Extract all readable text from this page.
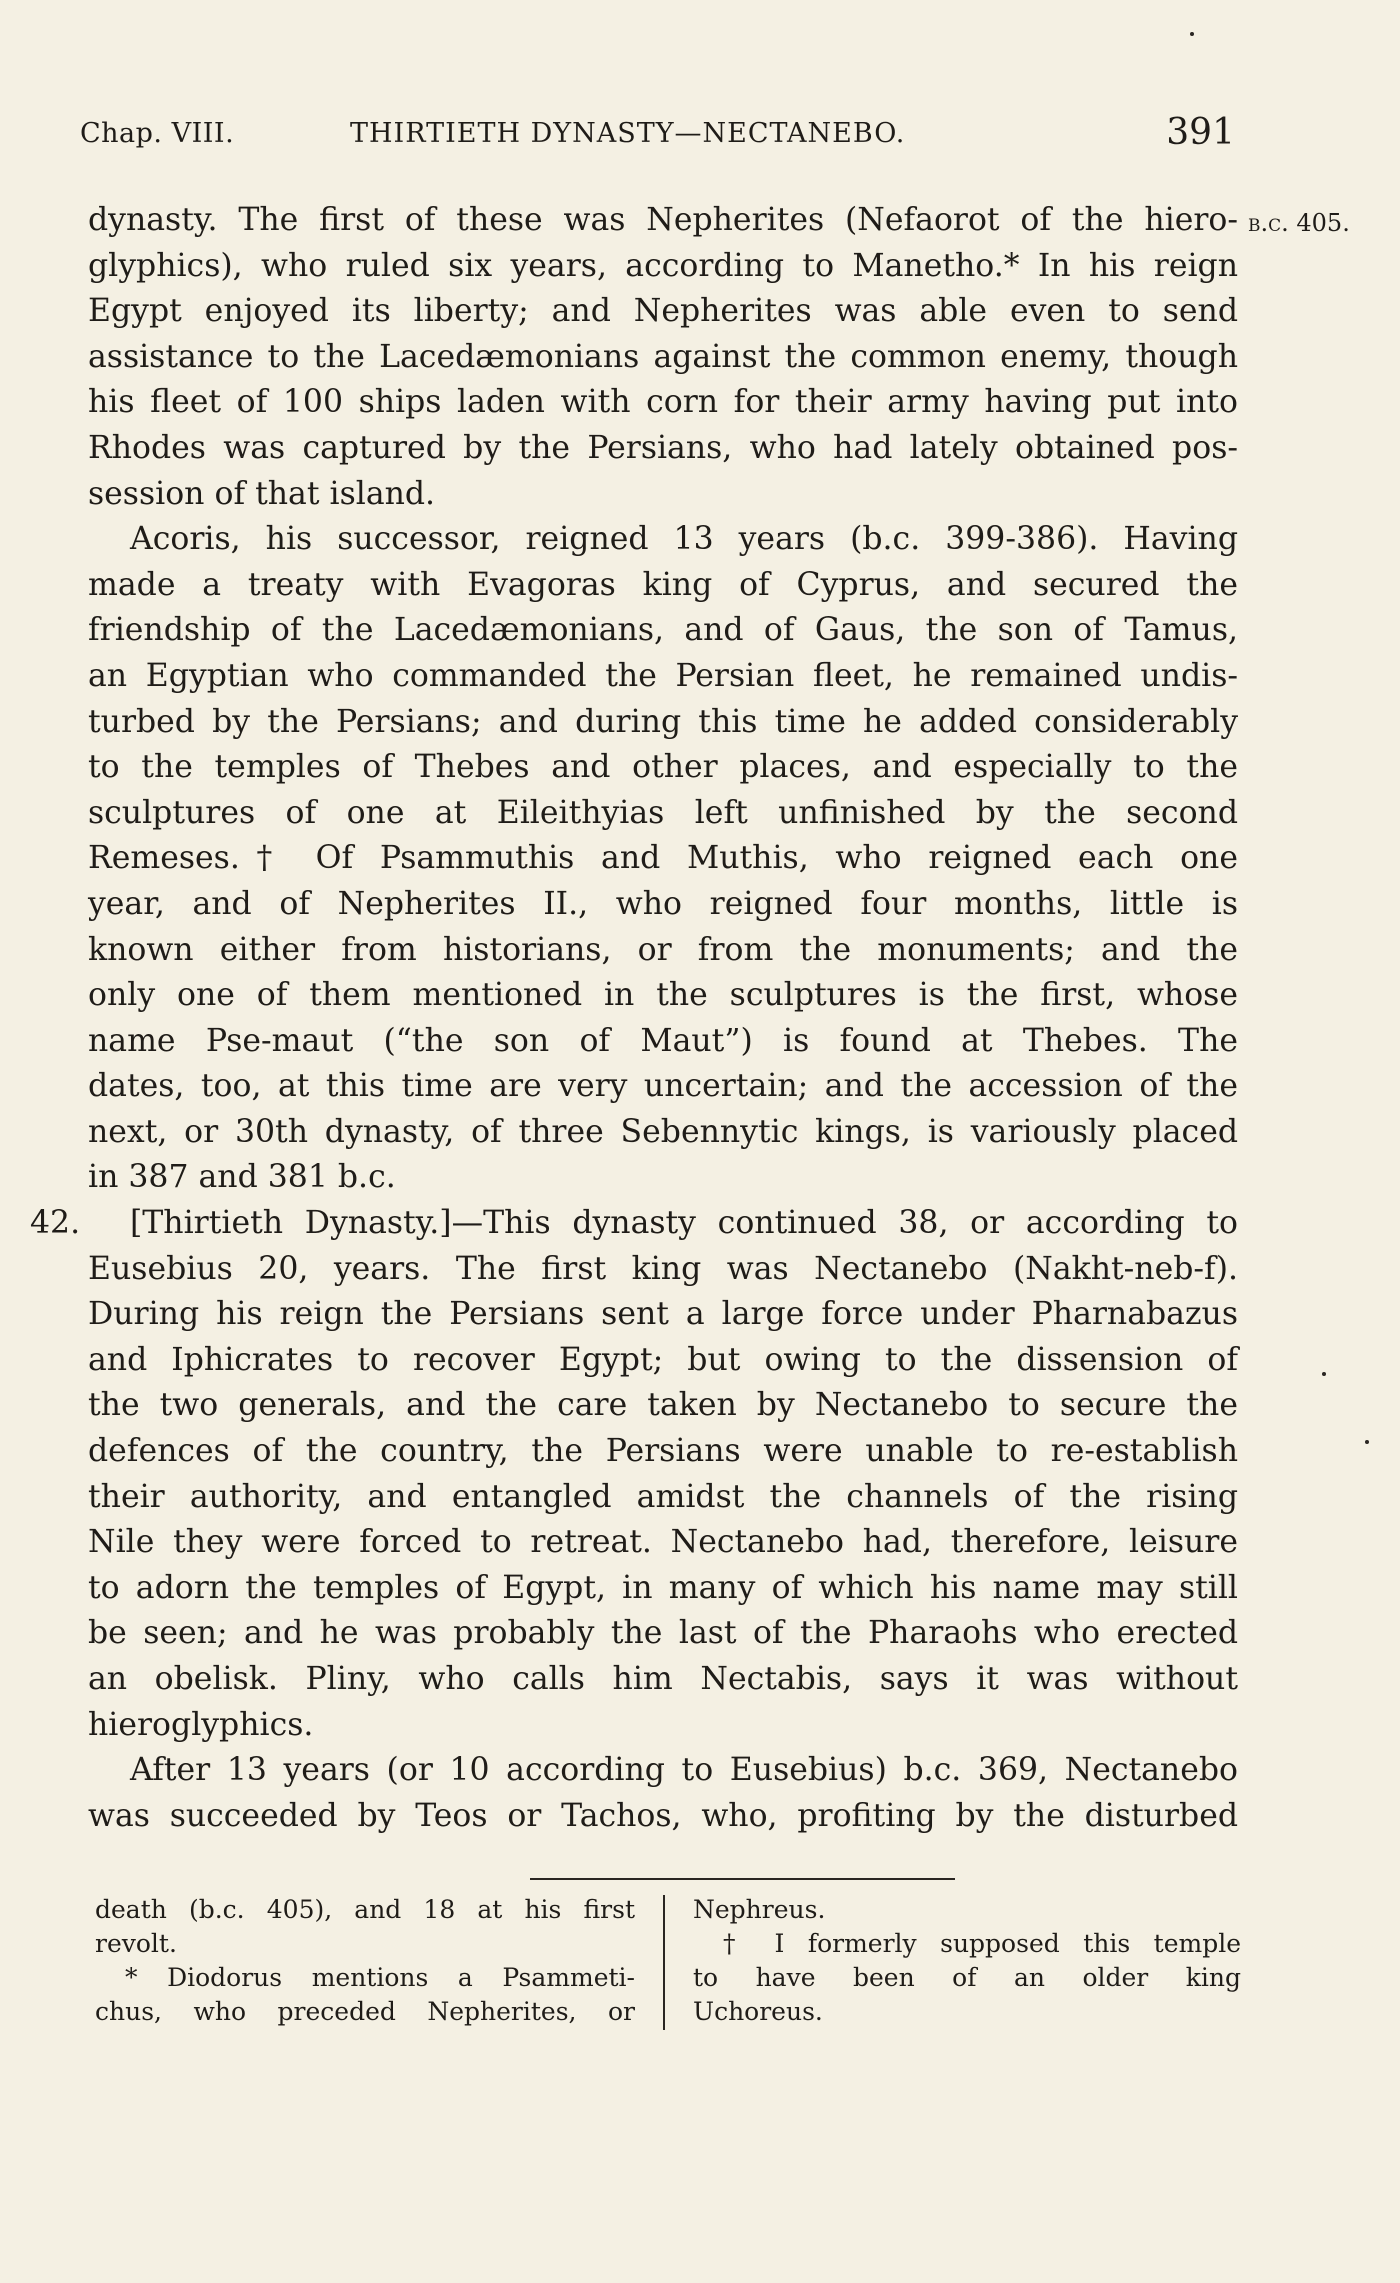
Chap. VIII.	THIRTIETH DYNASTY—NECTANEBO.	391
b.c. 405.
dynasty. The first of these was Nepherites (Nefaorot of the hiero-
glyphics), who ruled six years, according to Manetho.* In his reign
Egypt enjoyed its liberty; and Nepherites was able even to send
assistance to the Lacedæmonians against the common enemy, though
his fleet of 100 ships laden with corn for their army having put into
Rhodes was captured by the Persians, who had lately obtained pos-
session of that island.
Acoris, his successor, reigned 13 years (b.c. 399-386). Having
made a treaty with Evagoras king of Cyprus, and secured the
friendship of the Lacedæmonians, and of Gaus, the son of Tamus,
an Egyptian who commanded the Persian fleet, he remained undis-
turbed by the Persians; and during this time he added considerably
to the temples of Thebes and other places, and especially to the
sculptures of one at Eileithyias left unfinished by the second
Remeses.† Of Psammuthis and Muthis, who reigned each one
year, and of Nepherites II., who reigned four months, little is
known either from historians, or from the monuments; and the
only one of them mentioned in the sculptures is the first, whose
name Pse-maut (“the son of Maut”) is found at Thebes. The
dates, too, at this time are very uncertain; and the accession of the
next, or 30th dynasty, of three Sebennytic kings, is variously placed
in 387 and 381 b.c.
42.	[Thirtieth Dynasty.]—This dynasty continued 38, or according to
Eusebius 20, years. The first king was Nectanebo (Nakht-neb-f).
During his reign the Persians sent a large force under Pharnabazus
and Iphicrates to recover Egypt; but owing to the dissension of
the two generals, and the care taken by Nectanebo to secure the
defences of the country, the Persians were unable to re-establish
their authority, and entangled amidst the channels of the rising
Nile they were forced to retreat. Nectanebo had, therefore, leisure
to adorn the temples of Egypt, in many of which his name may still
be seen; and he was probably the last of the Pharaohs who erected
an obelisk. Pliny, who calls him Nectabis, says it was without
hieroglyphics.
After 13 years (or 10 according to Eusebius) b.c. 369, Nectanebo
was succeeded by Teos or Tachos, who, profiting by the disturbed
death (b.c. 405), and 18 at his first
revolt.
* Diodorus mentions a Psammeti-
chus, who preceded Nepherites, or
Nephreus.
† I formerly supposed this temple
to have been of an older king
Uchoreus.
